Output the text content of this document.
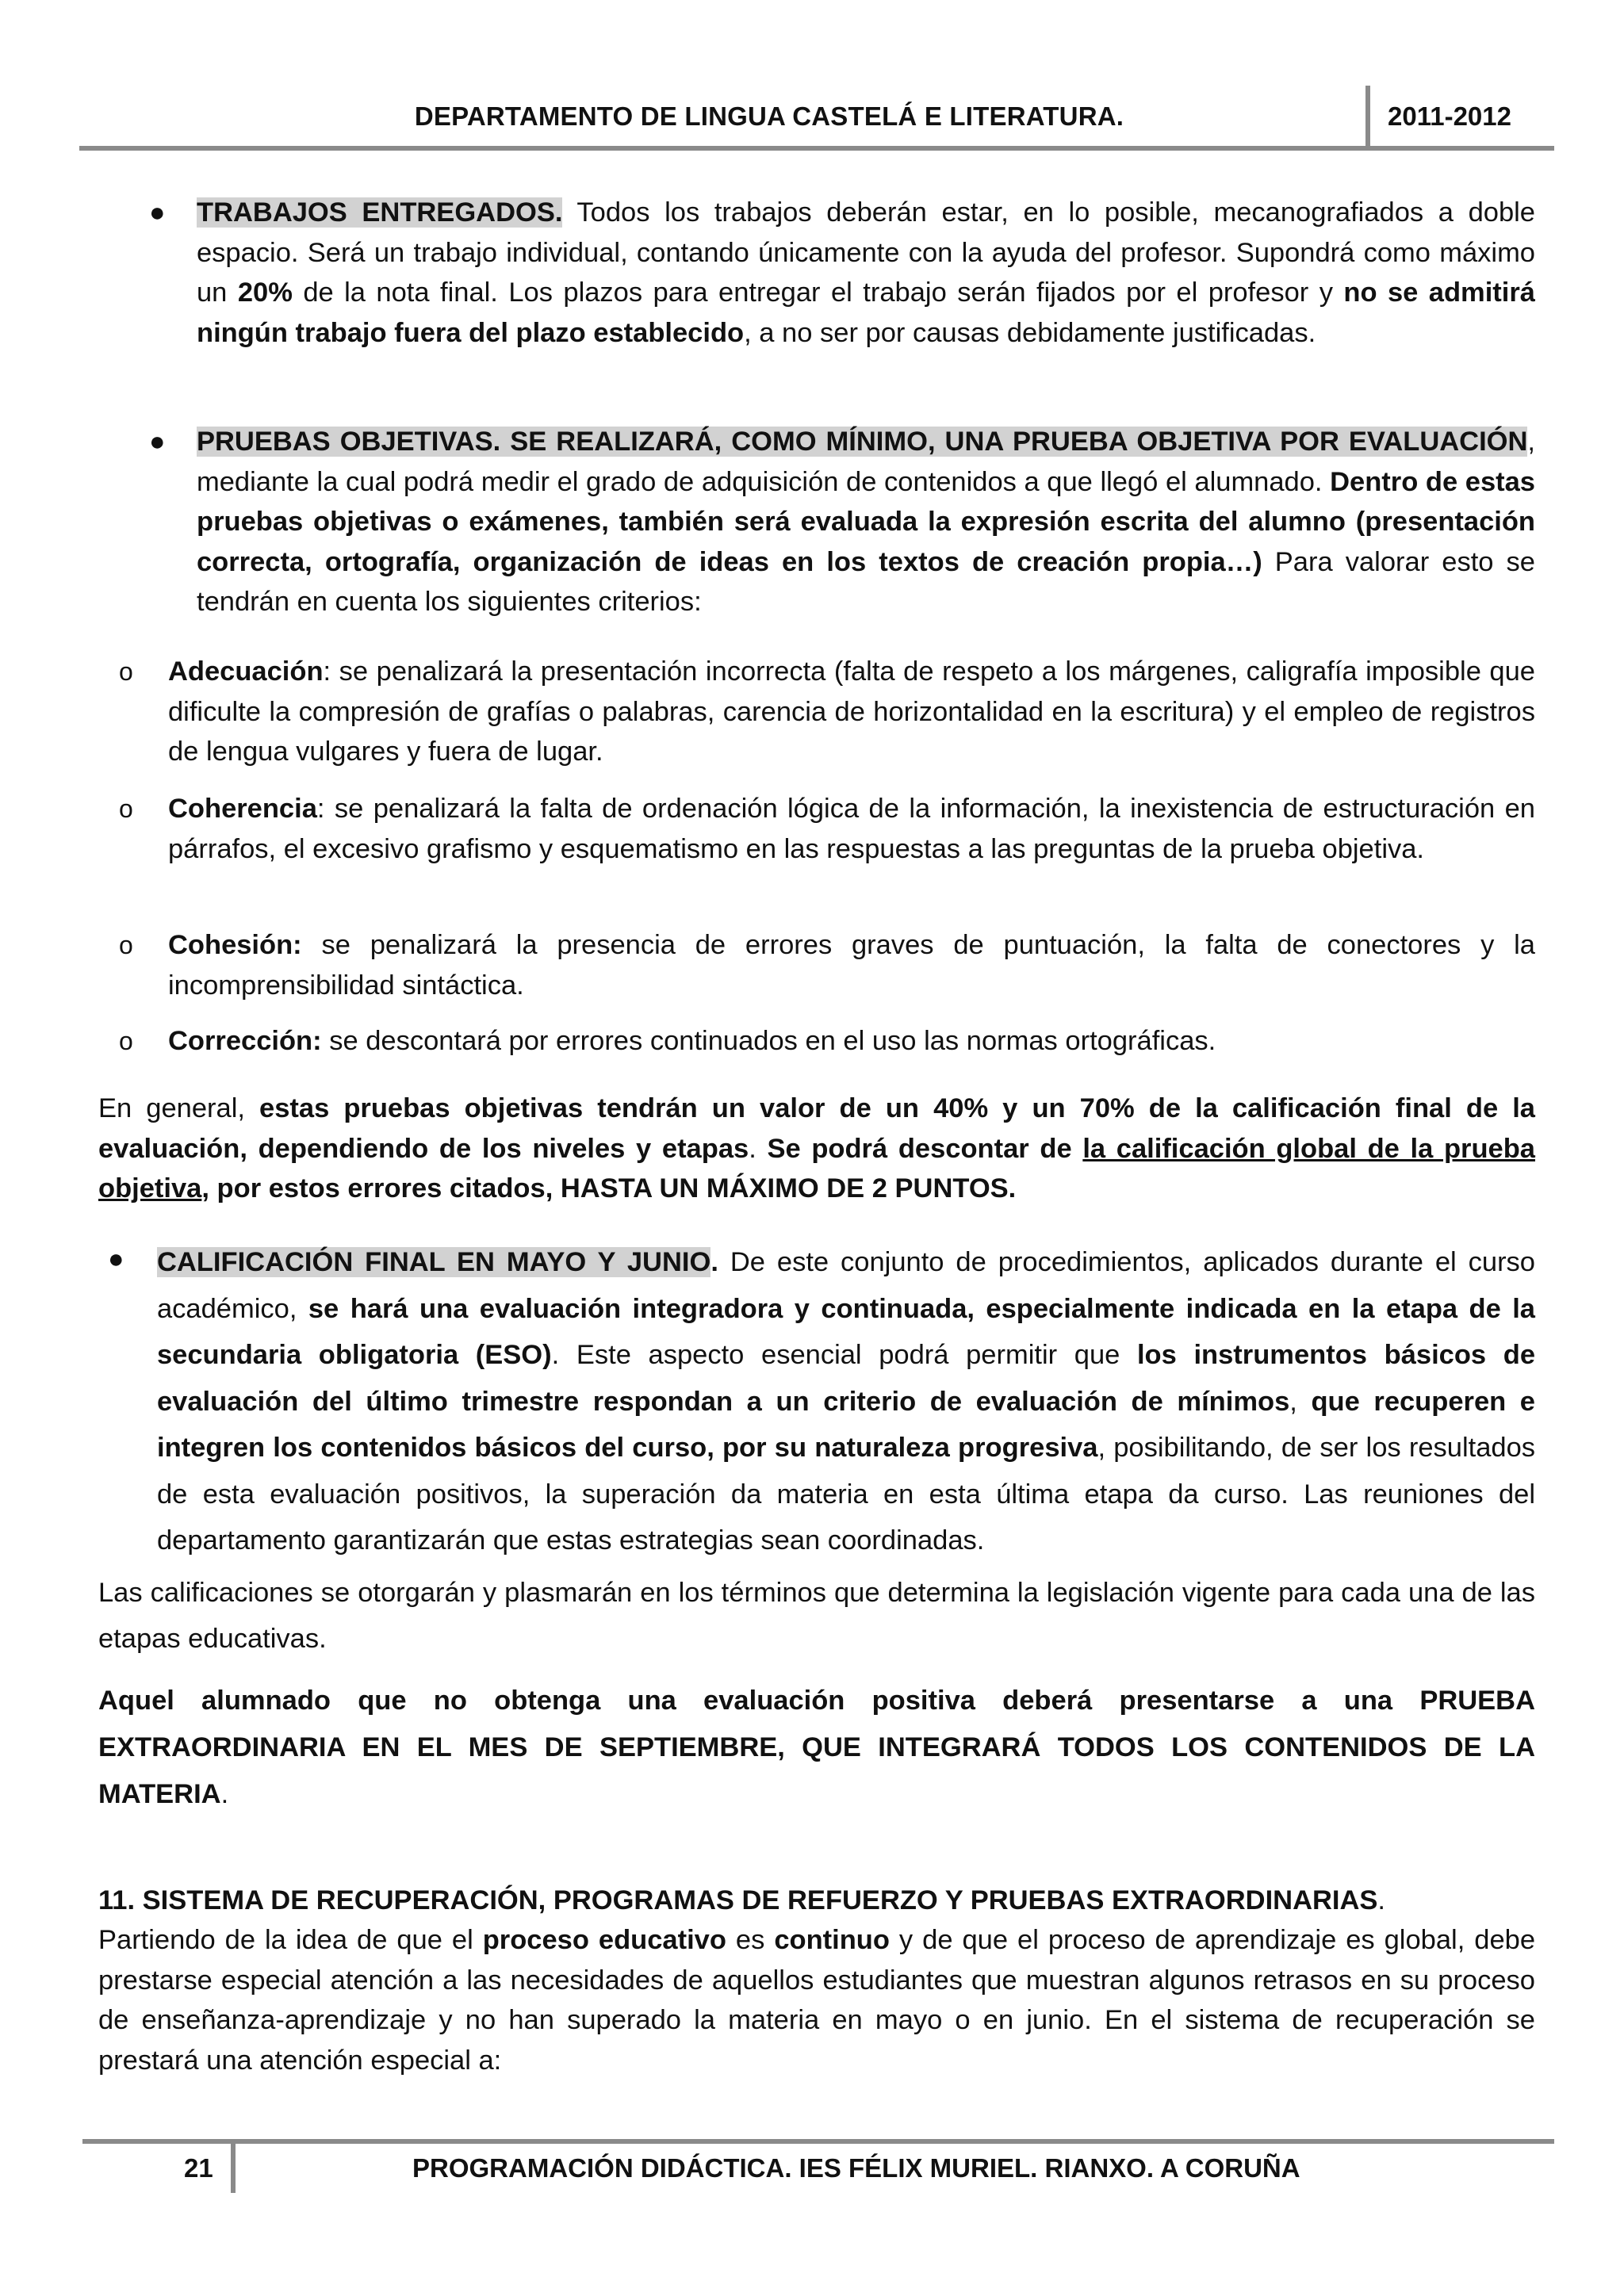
DEPARTAMENTO DE LINGUA CASTELÁ E LITERATURA.	2011-2012
● TRABAJOS ENTREGADOS. Todos los trabajos deberán estar, en lo posible, mecanografiados a doble espacio. Será un trabajo individual, contando únicamente con la ayuda del profesor. Supondrá como máximo un 20% de la nota final. Los plazos para entregar el trabajo serán fijados por el profesor y no se admitirá ningún trabajo fuera del plazo establecido, a no ser por causas debidamente justificadas.
● PRUEBAS OBJETIVAS. SE REALIZARÁ, COMO MÍNIMO, UNA PRUEBA OBJETIVA POR EVALUACIÓN, mediante la cual podrá medir el grado de adquisición de contenidos a que llegó el alumnado. Dentro de estas pruebas objetivas o exámenes, también será evaluada la expresión escrita del alumno (presentación correcta, ortografía, organización de ideas en los textos de creación propia…) Para valorar esto se tendrán en cuenta los siguientes criterios:
o Adecuación: se penalizará la presentación incorrecta (falta de respeto a los márgenes, caligrafía imposible que dificulte la compresión de grafías o palabras, carencia de horizontalidad en la escritura) y el empleo de registros de lengua vulgares y fuera de lugar.
o Coherencia: se penalizará la falta de ordenación lógica de la información, la inexistencia de estructuración en párrafos, el excesivo grafismo y esquematismo en las respuestas a las preguntas de la prueba objetiva.
o Cohesión: se penalizará la presencia de errores graves de puntuación, la falta de conectores y la incomprensibilidad sintáctica.
o Corrección: se descontará por errores continuados en el uso las normas ortográficas.
En general, estas pruebas objetivas tendrán un valor de un 40% y un 70% de la calificación final de la evaluación, dependiendo de los niveles y etapas. Se podrá descontar de la calificación global de la prueba objetiva, por estos errores citados, HASTA UN MÁXIMO DE 2 PUNTOS.
● CALIFICACIÓN FINAL EN MAYO Y JUNIO. De este conjunto de procedimientos, aplicados durante el curso académico, se hará una evaluación integradora y continuada, especialmente indicada en la etapa de la secundaria obligatoria (ESO). Este aspecto esencial podrá permitir que los instrumentos básicos de evaluación del último trimestre respondan a un criterio de evaluación de mínimos, que recuperen e integren los contenidos básicos del curso, por su naturaleza progresiva, posibilitando, de ser los resultados de esta evaluación positivos, la superación da materia en esta última etapa da curso. Las reuniones del departamento garantizarán que estas estrategias sean coordinadas.
Las calificaciones se otorgarán y plasmarán en los términos que determina la legislación vigente para cada una de las etapas educativas.
Aquel alumnado que no obtenga una evaluación positiva deberá presentarse a una PRUEBA EXTRAORDINARIA EN EL MES DE SEPTIEMBRE, QUE INTEGRARÁ TODOS LOS CONTENIDOS DE LA MATERIA.
11. SISTEMA DE RECUPERACIÓN, PROGRAMAS DE REFUERZO Y PRUEBAS EXTRAORDINARIAS.
Partiendo de la idea de que el proceso educativo es continuo y de que el proceso de aprendizaje es global, debe prestarse especial atención a las necesidades de aquellos estudiantes que muestran algunos retrasos en su proceso de enseñanza-aprendizaje y no han superado la materia en mayo o en junio. En el sistema de recuperación se prestará una atención especial a:
21	PROGRAMACIÓN DIDÁCTICA. IES FÉLIX MURIEL. RIANXO. A CORUÑA
